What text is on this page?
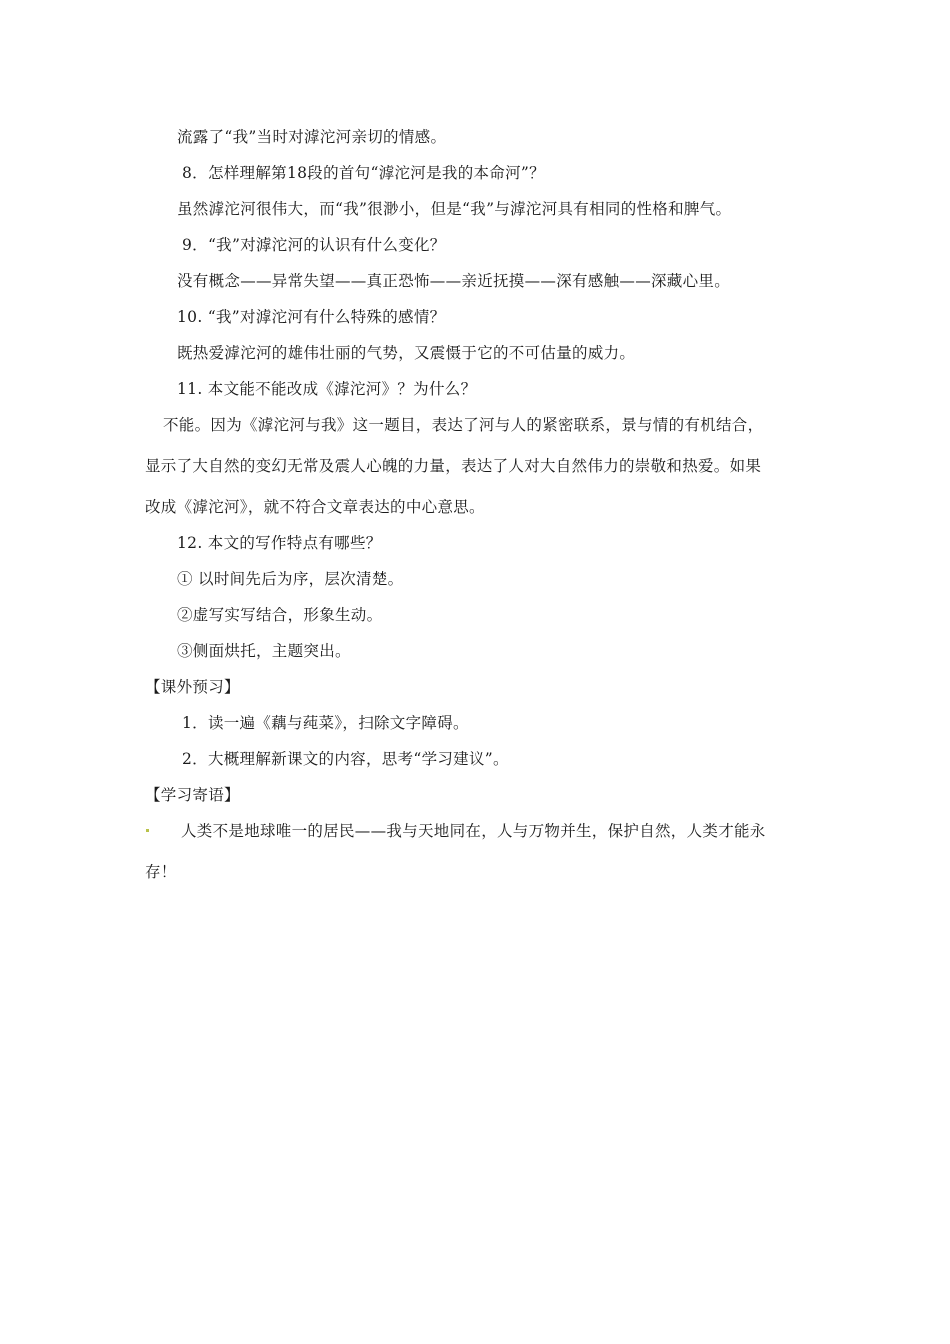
流露了“我”当时对滹沱河亲切的情感。
8．怎样理解第18段的首句“滹沱河是我的本命河”？
虽然滹沱河很伟大，而“我”很渺小，但是“我”与滹沱河具有相同的性格和脾气。
9．“我”对滹沱河的认识有什么变化？
没有概念——异常失望——真正恐怖——亲近抚摸——深有感触——深藏心里。
10. “我”对滹沱河有什么特殊的感情？
既热爱滹沱河的雄伟壮丽的气势，又震慑于它的不可估量的威力。
11. 本文能不能改成《滹沱河》？为什么？
不能。因为《滹沱河与我》这一题目，表达了河与人的紧密联系，景与情的有机结合，
显示了大自然的变幻无常及震人心魄的力量，表达了人对大自然伟力的崇敬和热爱。如果
改成《滹沱河》，就不符合文章表达的中心意思。
12. 本文的写作特点有哪些？
① 以时间先后为序，层次清楚。
②虚写实写结合，形象生动。
③侧面烘托，主题突出。
【课外预习】
1．读一遍《藕与莼菜》，扫除文字障碍。
2．大概理解新课文的内容，思考“学习建议”。
【学习寄语】
人类不是地球唯一的居民——我与天地同在，人与万物并生，保护自然，人类才能永
存！
